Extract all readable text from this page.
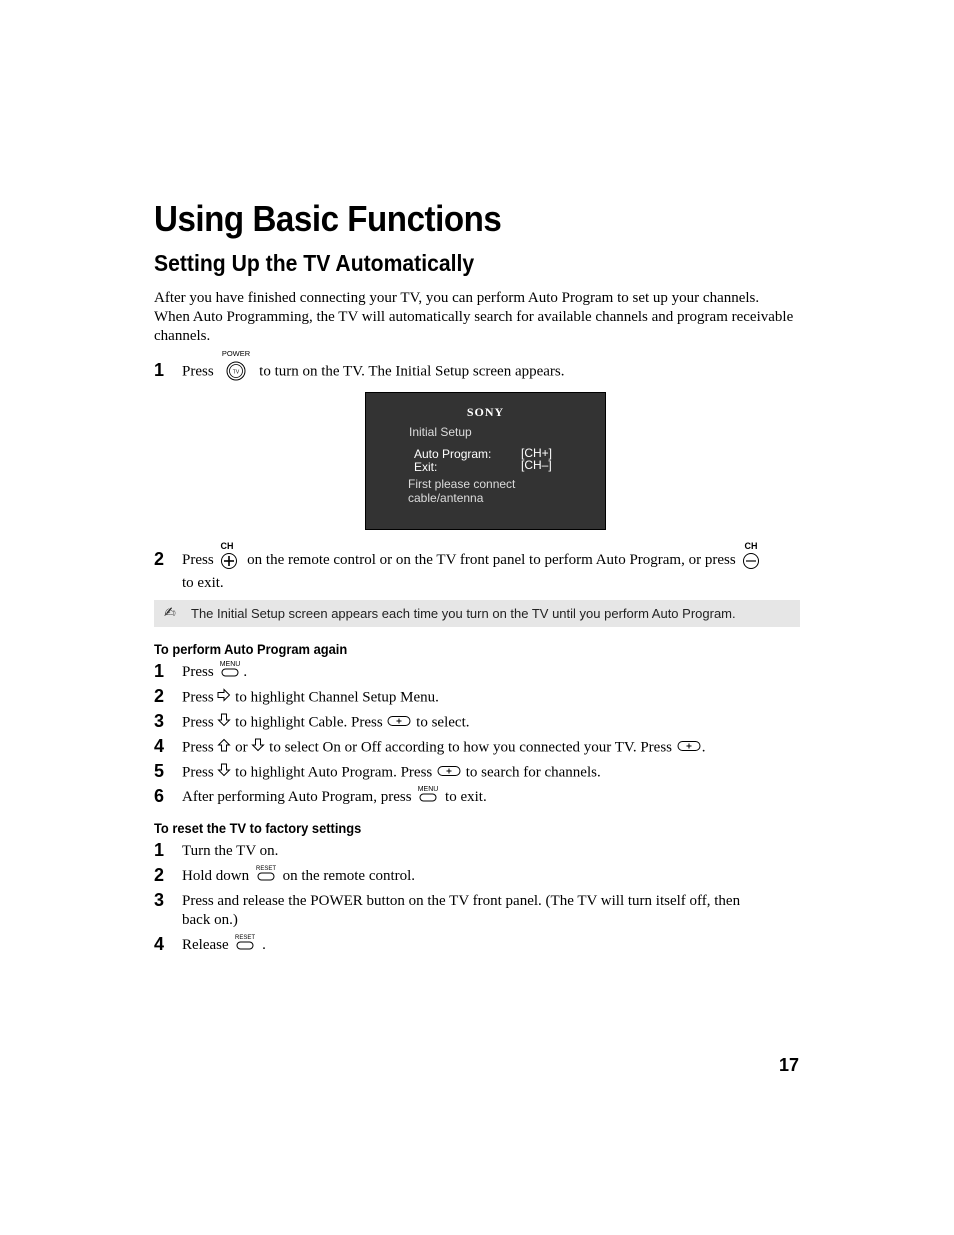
Using Basic Functions
Setting Up the TV Automatically
After you have finished connecting your TV, you can perform Auto Program to set up your channels. When Auto Programming, the TV will automatically search for available channels and program receivable channels.
1 Press
POWER
TV to turn on the TV. The Initial Setup screen appears.
SONY
Initial Setup
Auto Program:
Exit:
[CH+]
[CH–]
First please connect
cable/antenna
2 Press
CH
on the remote control or on the TV front panel to perform Auto Program, or press
CH
to exit.
✍ The Initial Setup screen appears each time you turn on the TV until you perform Auto Program.
To perform Auto Program again
1 Press MENU .
2 Press to highlight Channel Setup Menu.
3 Press to highlight Cable. Press to select.
4 Press or to select On or Off according to how you connected your TV. Press .
5 Press to highlight Auto Program. Press to search for channels.
6 After performing Auto Program, press MENU to exit.
To reset the TV to factory settings
1 Turn the TV on.
2 Hold down RESET on the remote control.
3 Press and release the POWER button on the TV front panel. (The TV will turn itself off, then back on.)
4 Release RESET .
17
